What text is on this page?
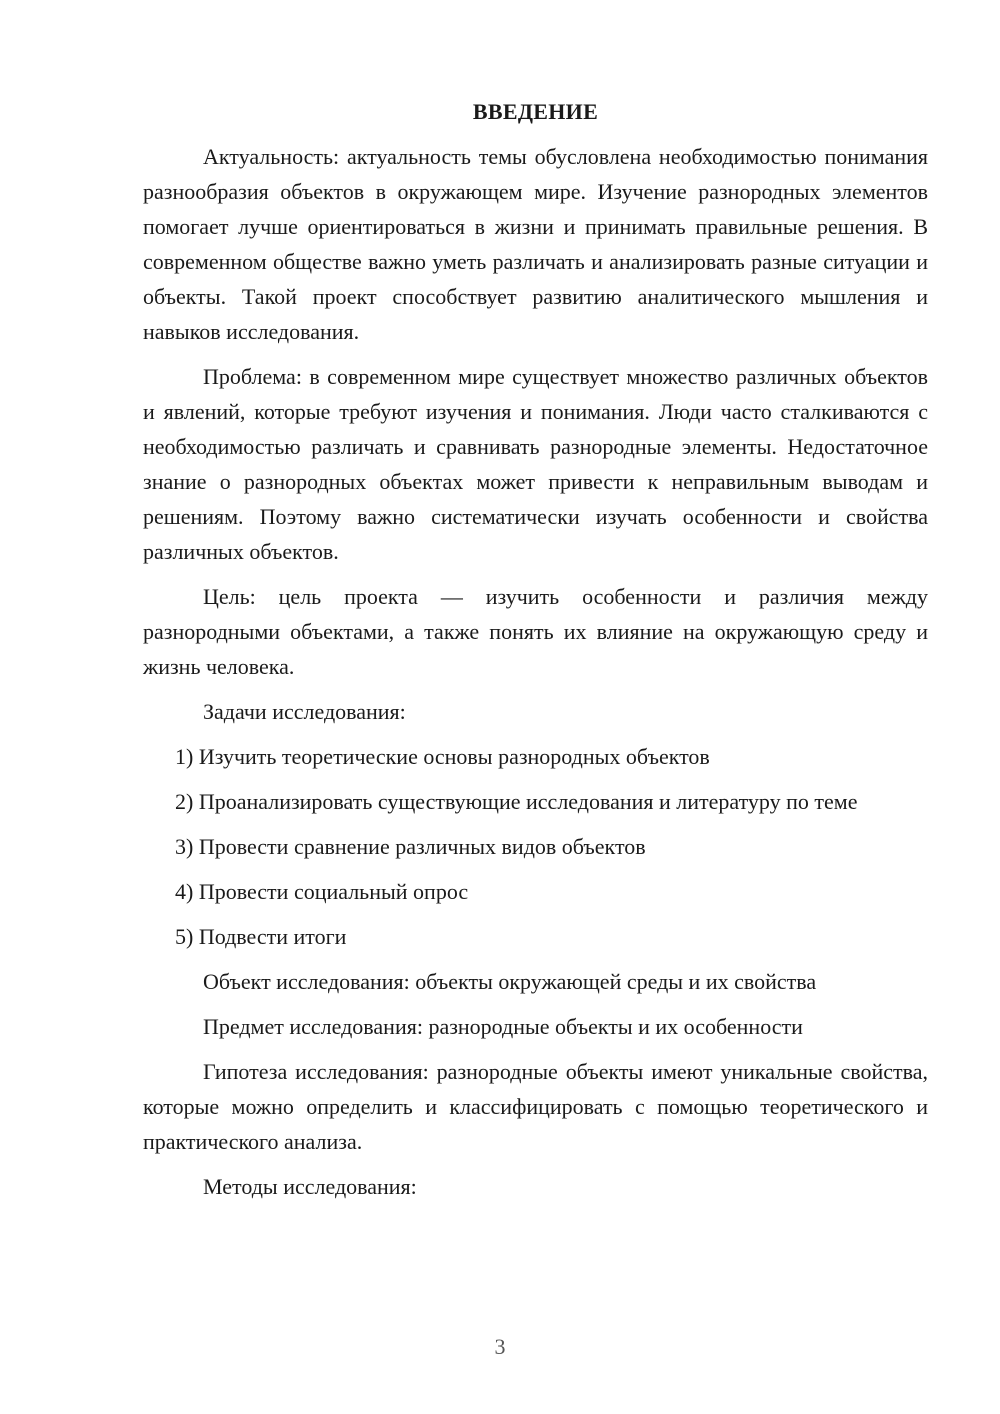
ВВЕДЕНИЕ

Актуальность: актуальность темы обусловлена необходимостью понимания разнообразия объектов в окружающем мире. Изучение разнородных элементов помогает лучше ориентироваться в жизни и принимать правильные решения. В современном обществе важно уметь различать и анализировать разные ситуации и объекты. Такой проект способствует развитию аналитического мышления и навыков исследования.

Проблема: в современном мире существует множество различных объектов и явлений, которые требуют изучения и понимания. Люди часто сталкиваются с необходимостью различать и сравнивать разнородные элементы. Недостаточное знание о разнородных объектах может привести к неправильным выводам и решениям. Поэтому важно систематически изучать особенности и свойства различных объектов.

Цель: цель проекта — изучить особенности и различия между разнородными объектами, а также понять их влияние на окружающую среду и жизнь человека.

Задачи исследования:

1) Изучить теоретические основы разнородных объектов

2) Проанализировать существующие исследования и литературу по теме

3) Провести сравнение различных видов объектов

4) Провести социальный опрос

5) Подвести итоги

Объект исследования: объекты окружающей среды и их свойства

Предмет исследования: разнородные объекты и их особенности

Гипотеза исследования: разнородные объекты имеют уникальные свойства, которые можно определить и классифицировать с помощью теоретического и практического анализа.

Методы исследования:

3
